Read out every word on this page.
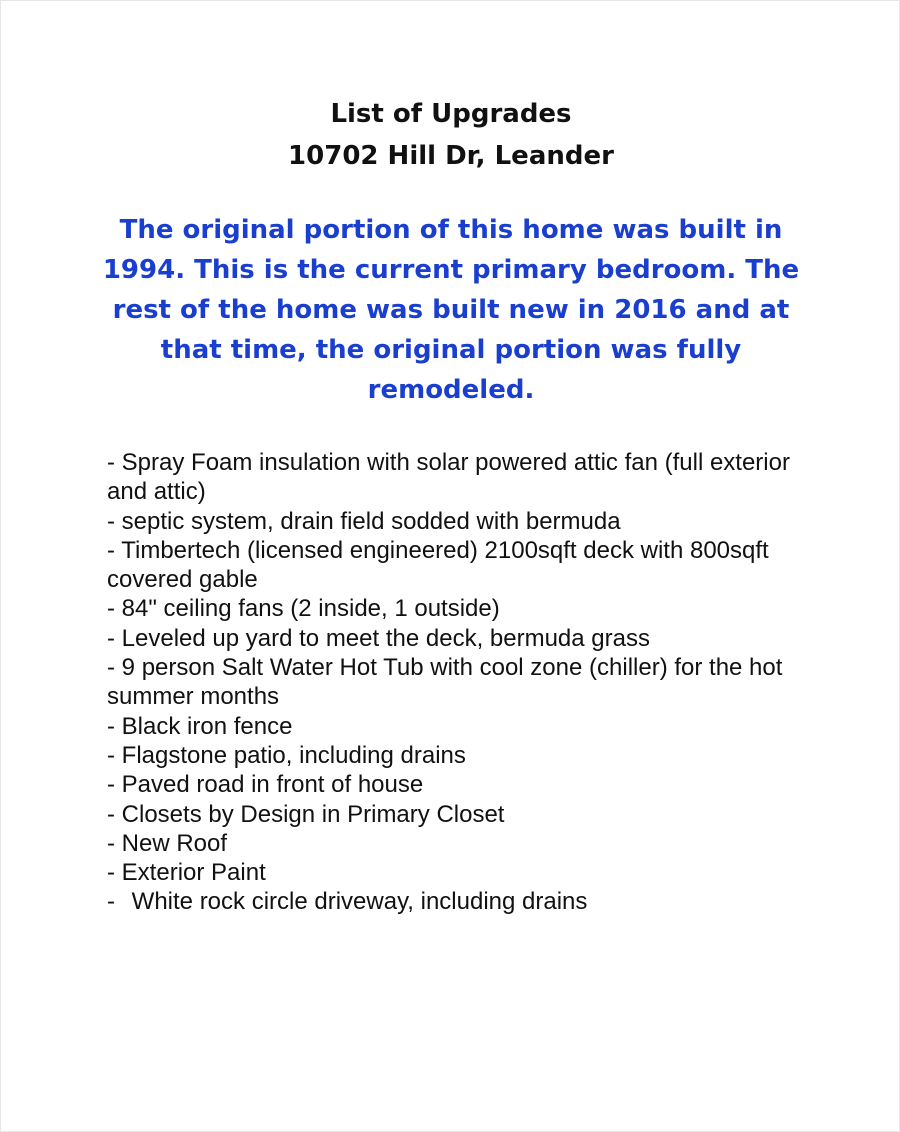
List of Upgrades
10702 Hill Dr, Leander

The original portion of this home was built in 1994. This is the current primary bedroom. The rest of the home was built new in 2016 and at that time, the original portion was fully remodeled.

- Spray Foam insulation with solar powered attic fan (full exterior and attic)
- septic system, drain field sodded with bermuda
- Timbertech (licensed engineered) 2100sqft deck with 800sqft covered gable
- 84" ceiling fans (2 inside, 1 outside)
- Leveled up yard to meet the deck, bermuda grass
- 9 person Salt Water Hot Tub with cool zone (chiller) for the hot summer months
- Black iron fence
- Flagstone patio, including drains
- Paved road in front of house
- Closets by Design in Primary Closet
- New Roof
- Exterior Paint
- White rock circle driveway, including drains
